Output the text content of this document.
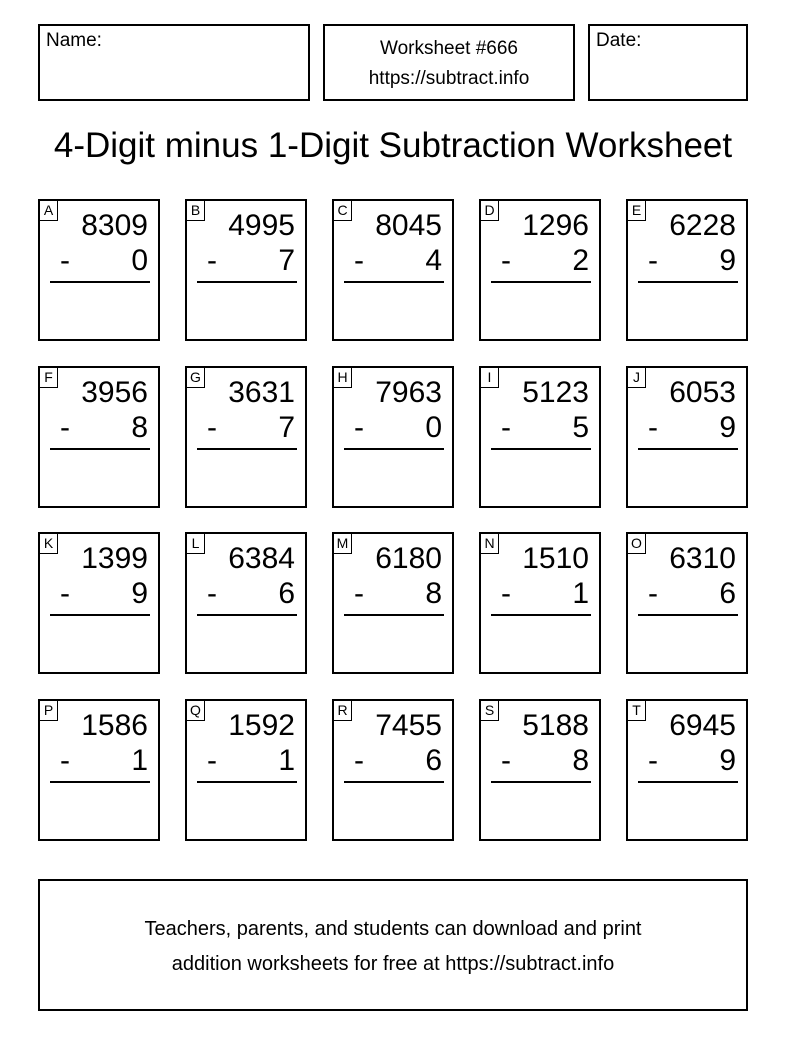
Name:	Worksheet #666
https://subtract.info
Date:
4-Digit minus 1-Digit Subtraction Worksheet
A 8309
- 0
B 4995
- 7
C 8045
- 4
D 1296
- 2
E 6228
- 9
F 3956
- 8
G 3631
- 7
H 7963
- 0
I 5123
- 5
J 6053
- 9
K 1399
- 9
L 6384
- 6
M 6180
- 8
N 1510
- 1
O 6310
- 6
P 1586
- 1
Q 1592
- 1
R 7455
- 6
S 5188
- 8
T 6945
- 9
Teachers, parents, and students can download and print
addition worksheets for free at https://subtract.info
